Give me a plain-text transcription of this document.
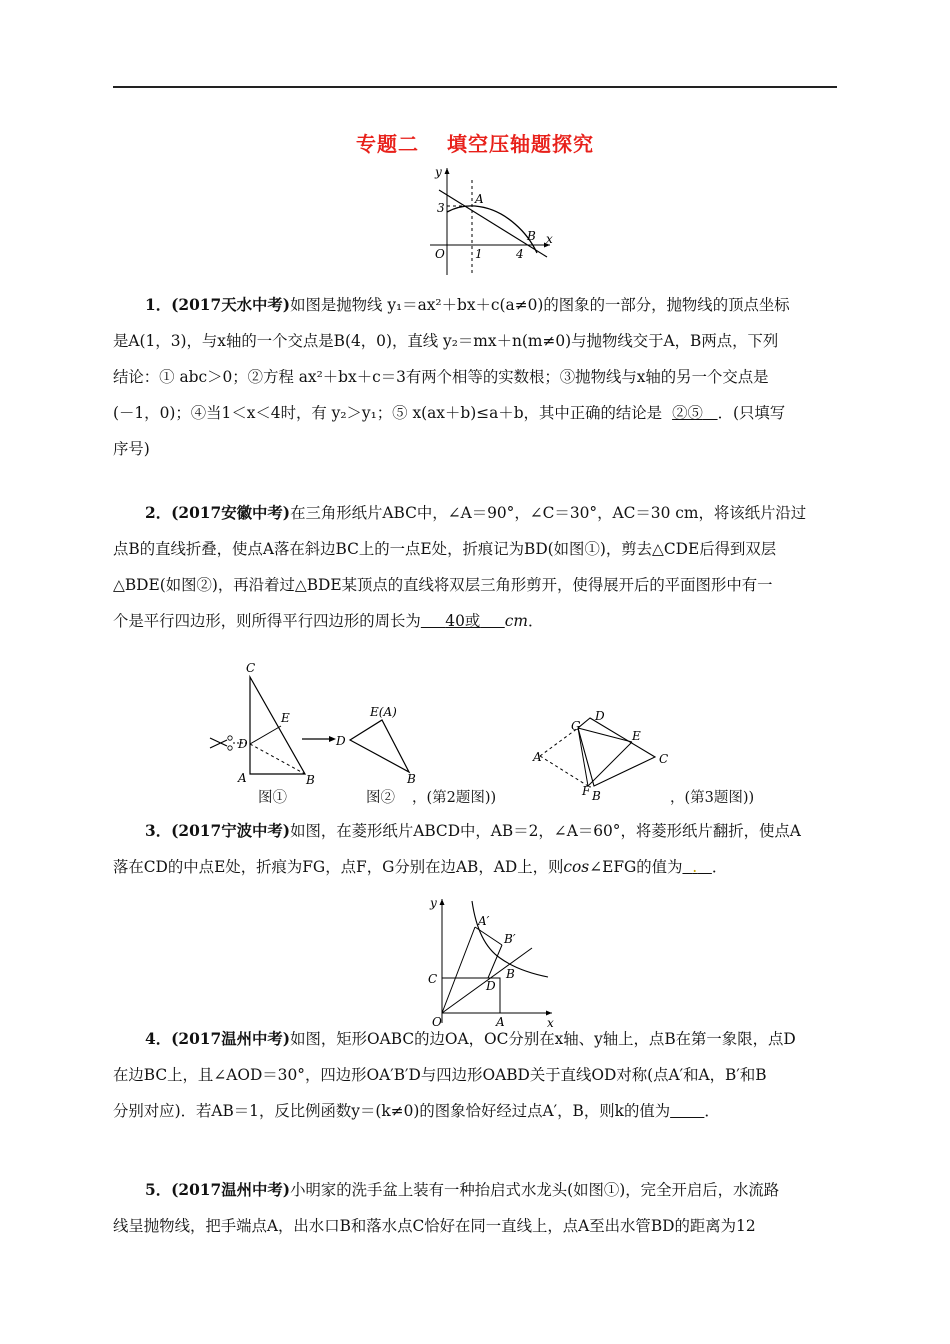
专题二 填空压轴题探究
y
x
O
3
1	4
A
B
1．(2017天水中考)如图是抛物线 y₁＝ax²＋bx＋c(a≠0)的图象的一部分，抛物线的顶点坐标
是A(1，3)，与x轴的一个交点是B(4，0)，直线 y₂＝mx＋n(m≠0)与抛物线交于A，B两点，下列
结论：① abc＞0；②方程 ax²＋bx＋c＝3有两个相等的实数根；③抛物线与x轴的另一个交点是
(－1，0)；④当1＜x＜4时，有 y₂＞y₁；⑤ x(ax＋b)≤a＋b，其中正确的结论是 ②⑤ ．(只填写
序号)
2．(2017安徽中考)在三角形纸片ABC中，∠A＝90°，∠C＝30°，AC＝30 cm，将该纸片沿过
点B的直线折叠，使点A落在斜边BC上的一点E处，折痕记为BD(如图①)，剪去△CDE后得到双层
△BDE(如图②)，再沿着过△BDE某顶点的直线将双层三角形剪开，使得展开后的平面图形中有一
个是平行四边形，则所得平行四边形的周长为 40或 cm．
C
E
D
A	B
图①
E(A)
D
B
图② ，(第2题图))
G
D
E
A	C
F B	，(第3题图))
3．(2017宁波中考)如图，在菱形纸片ABCD中，AB＝2，∠A＝60°，将菱形纸片翻折，使点A
落在CD的中点E处，折痕为FG，点F，G分别在边AB，AD上，则cos∠EFG的值为 . ．
y
x
O	A
C	D
B
A′
B′
4．(2017温州中考)如图，矩形OABC的边OA，OC分别在x轴、y轴上，点B在第一象限，点D
在边BC上，且∠AOD＝30°，四边形OA′B′D与四边形OABD关于直线OD对称(点A′和A，B′和B
分别对应)．若AB＝1，反比例函数y＝(k≠0)的图象恰好经过点A′，B，则k的值为 ．
5．(2017温州中考)小明家的洗手盆上装有一种抬启式水龙头(如图①)，完全开启后，水流路
线呈抛物线，把手端点A，出水口B和落水点C恰好在同一直线上，点A至出水管BD的距离为12
